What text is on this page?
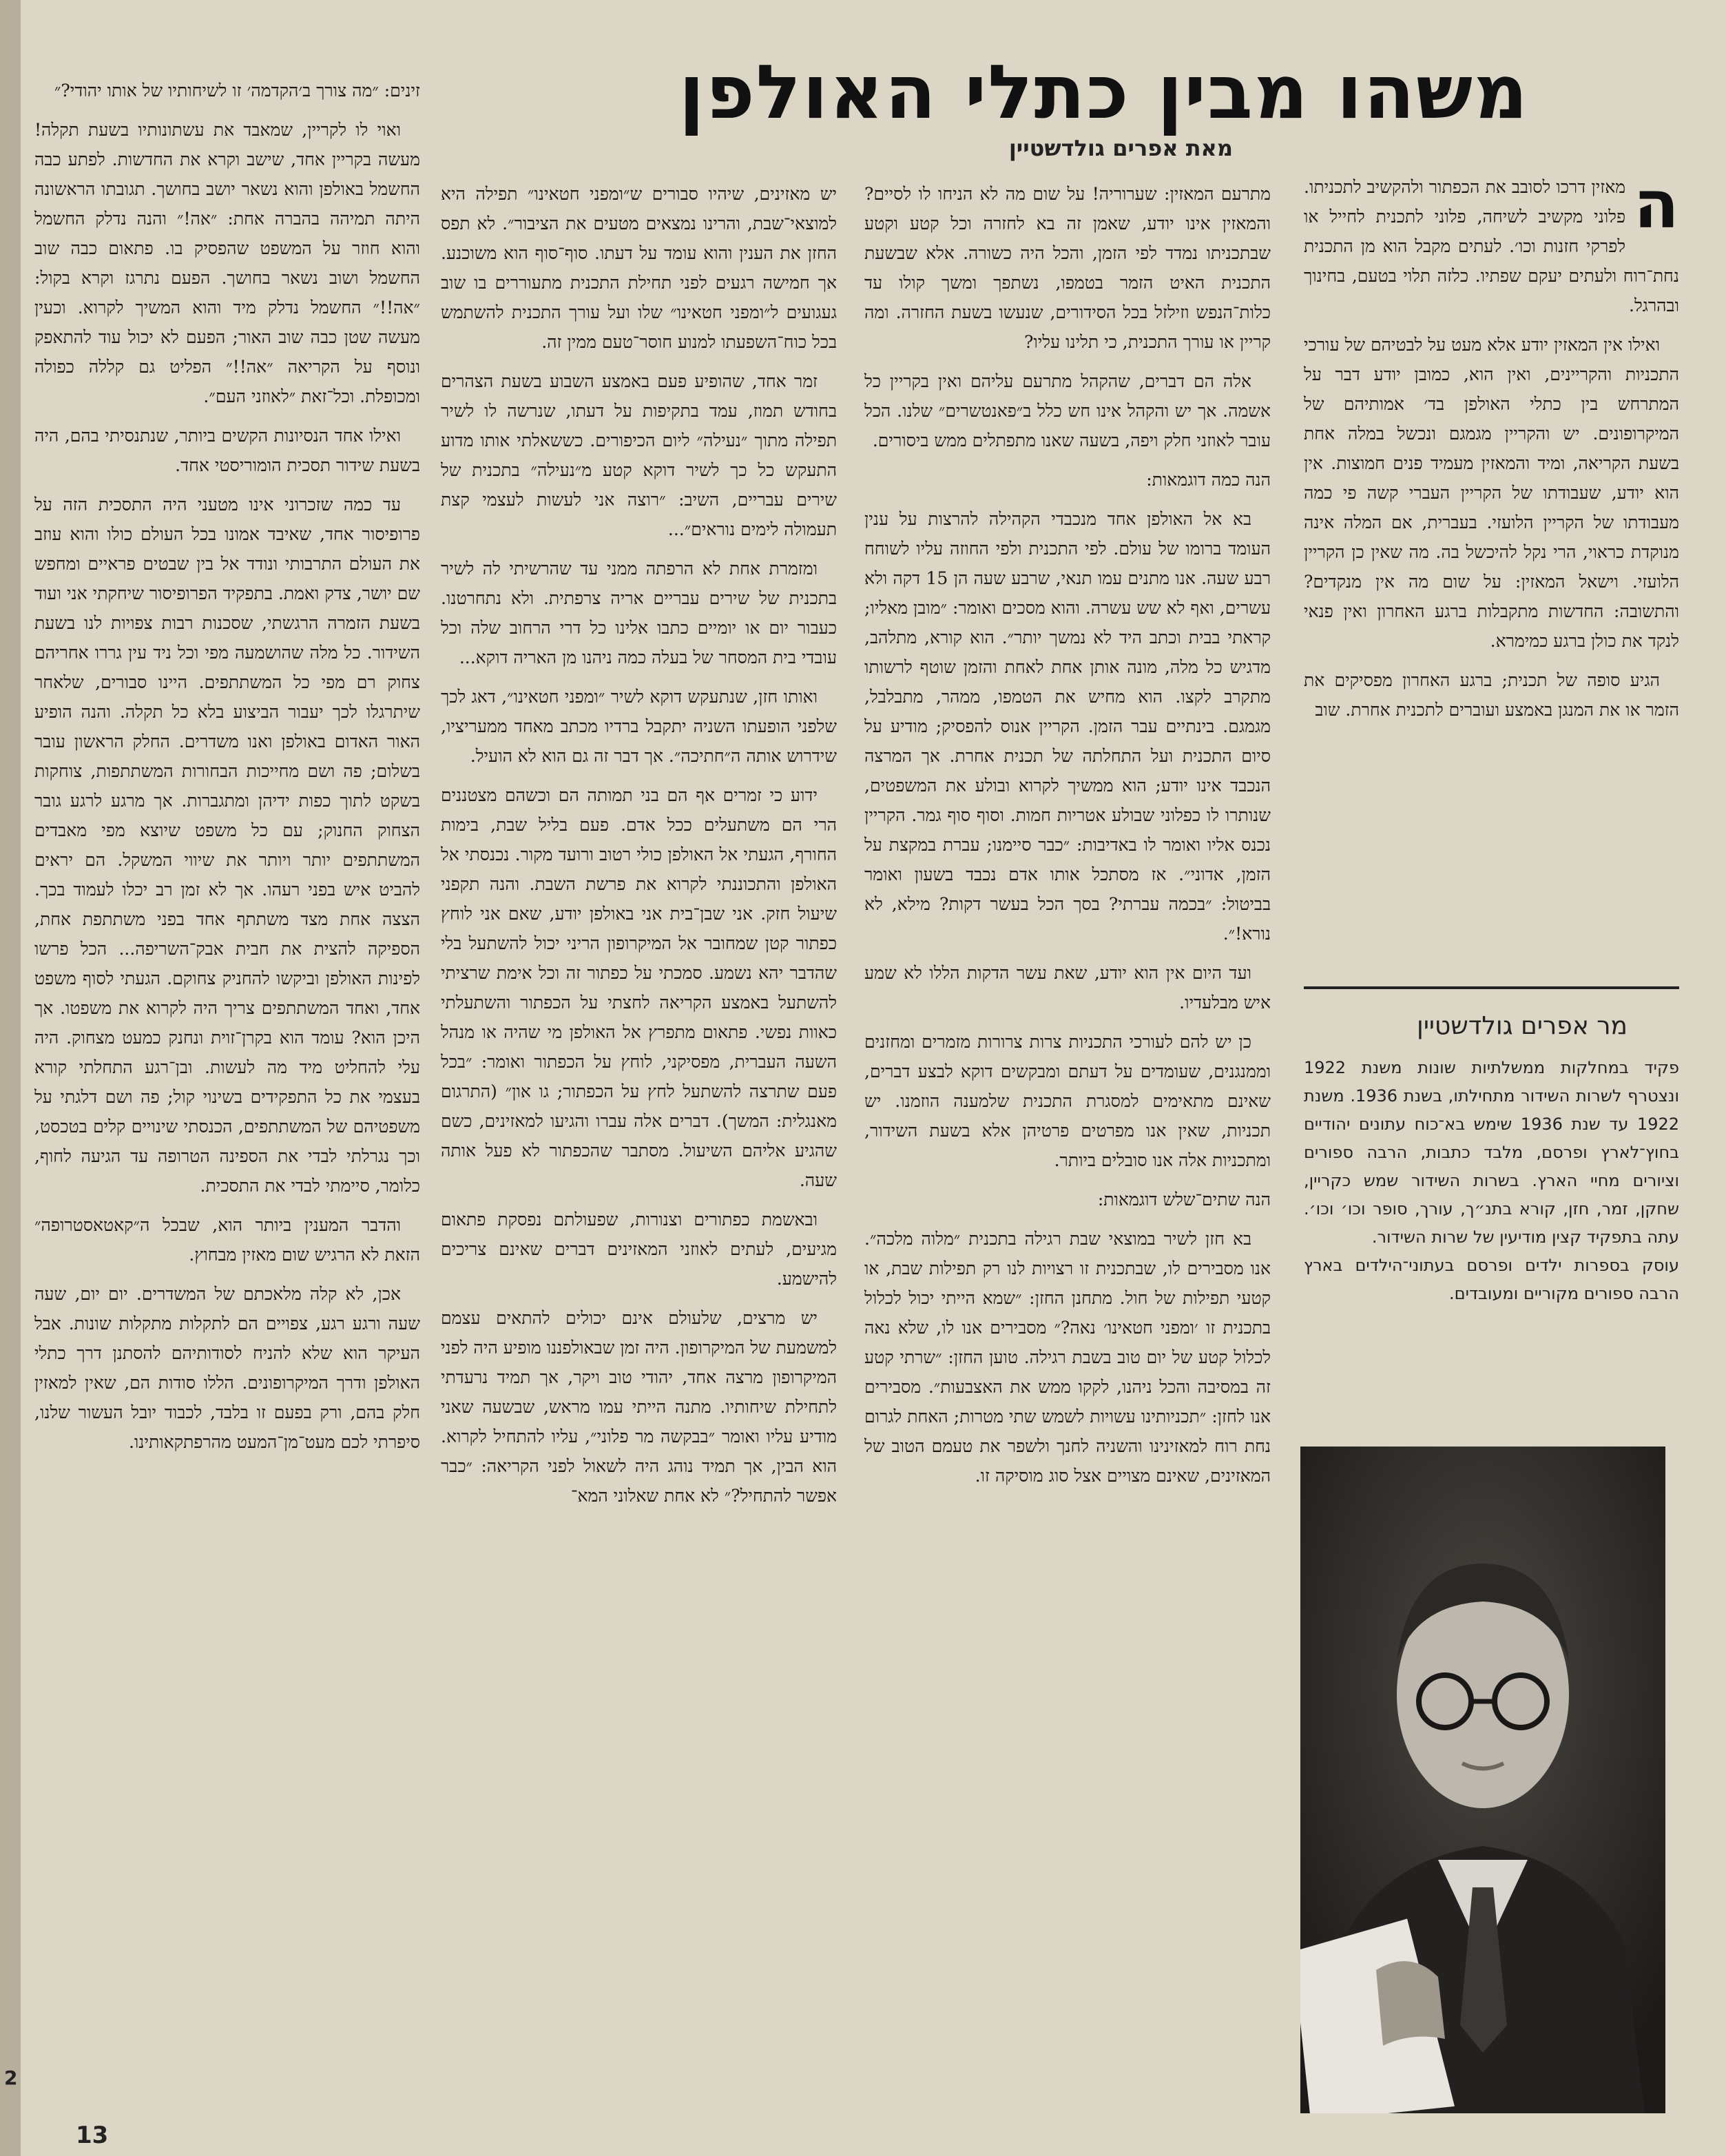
משהו מבין כתלי האולפן
מאת אפרים גולדשטיין
ה

מאזין דרכו לסובב את הכפתור ולהקשיב לתכניתו. פלוני מקשיב לשיחה, פלוני לתכנית לחייל או לפרקי חזנות וכו׳. לעתים מקבל הוא מן התכנית נחת־רוח ולעתים יעקם שפתיו. כלזה תלוי בטעם, בחינוך ובהרגל.

ואילו אין המאזין יודע אלא מעט על לבטיהם של עורכי התכניות והקריינים, ואין הוא, כמובן יודע דבר על המתרחש בין כתלי האולפן בד׳ אמותיהם של המיקרופונים. יש והקריין מגמגם ונכשל במלה אחת בשעת הקריאה, ומיד והמאזין מעמיד פנים חמוצות. אין הוא יודע, שעבודתו של הקריין העברי קשה פי כמה מעבודתו של הקריין הלועזי. בעברית, אם המלה אינה מנוקדת כראוי, הרי נקל להיכשל בה. מה שאין כן הקריין הלועזי. וישאל המאזין: על שום מה אין מנקדים? והתשובה: החדשות מתקבלות ברגע האחרון ואין פנאי לנקד את כולן ברגע כמימרא.

הגיע סופה של תכנית; ברגע האחרון מפסיקים את הזמר או את המנגן באמצע ועוברים לתכנית אחרת. שוב

מר אפרים גולדשטיין

פקיד במחלקות ממשלתיות שונות משנת 1922 ונצטרף לשרות השידור מתחילתו, בשנת 1936. משנת 1922 עד שנת 1936 שימש בא־כוח עתונים יהודיים בחוץ־לארץ ופרסם, מלבד כתבות, הרבה ספורים וציורים מחיי הארץ. בשרות השידור שמש כקריין, שחקן, זמר, חזן, קורא בתנ״ך, עורך, סופר וכו׳ וכו׳. עתה בתפקיד קצין מודיעין של שרות השידור.

עוסק בספרות ילדים ופרסם בעתוני־הילדים בארץ הרבה ספורים מקוריים ומעובדים.

מתרעם המאזין: שערוריה! על שום מה לא הניחו לו לסיים? והמאזין אינו יודע, שאמן זה בא לחזרה וכל קטע וקטע שבתכניתו נמדד לפי הזמן, והכל היה כשורה. אלא שבשעת התכנית האיט הזמר בטמפו, נשתפך ומשך קולו עד כלות־הנפש וזילזל בכל הסידורים, שנעשו בשעת החזרה. ומה קריין או עורך התכנית, כי תלינו עליו?

אלה הם דברים, שהקהל מתרעם עליהם ואין בקריין כל אשמה. אך יש והקהל אינו חש כלל ב״פאנטשרים״ שלנו. הכל עובר לאוזני חלק ויפה, בשעה שאנו מתפתלים ממש ביסורים.

הנה כמה דוגמאות:

בא אל האולפן אחד מנכבדי הקהילה להרצות על ענין העומד ברומו של עולם. לפי התכנית ולפי החוזה עליו לשוחח רבע שעה. אנו מתנים עמו תנאי, שרבע שעה הן 15 דקה ולא עשרים, ואף לא שש עשרה. והוא מסכים ואומר: ״מובן מאליו; קראתי בבית וכתב היד לא נמשך יותר״. הוא קורא, מתלהב, מדגיש כל מלה, מונה אותן אחת לאחת והזמן שוטף לרשותו מתקרב לקצו. הוא מחיש את הטמפו, ממהר, מתבלבל, מגמגם. בינתיים עבר הזמן. הקריין אנוס להפסיק; מודיע על סיום התכנית ועל התחלתה של תכנית אחרת. אך המרצה הנכבד אינו יודע; הוא ממשיך לקרוא ובולע את המשפטים, שנותרו לו כפלוני שבולע אטריות חמות. וסוף סוף גמר. הקריין נכנס אליו ואומר לו באדיבות: ״כבר סיימנו; עברת במקצת על הזמן, אדוני״. אז מסתכל אותו אדם נכבד בשעון ואומר בביטול: ״בכמה עברתי? בסך הכל בעשר דקות? מילא, לא נורא!״.

ועד היום אין הוא יודע, שאת עשר הדקות הללו לא שמע איש מבלעדיו.

כן יש להם לעורכי התכניות צרות צרורות מזמרים ומחזנים וממנגנים, שעומדים על דעתם ומבקשים דוקא לבצע דברים, שאינם מתאימים למסגרת התכנית שלמענה הוזמנו. יש תכניות, שאין אנו מפרטים פרטיהן אלא בשעת השידור, ומתכניות אלה אנו סובלים ביותר.

הנה שתים־שלש דוגמאות:

בא חזן לשיר במוצאי שבת רגילה בתכנית ״מלוה מלכה״. אנו מסבירים לו, שבתכנית זו רצויות לנו רק תפילות שבת, או קטעי תפילות של חול. מתחנן החזן: ״שמא הייתי יכול לכלול בתכנית זו ׳ומפני חטאינו׳ נאה?״ מסבירים אנו לו, שלא נאה לכלול קטע של יום טוב בשבת רגילה. טוען החזן: ״שרתי קטע זה במסיבה והכל ניהנו, לקקו ממש את האצבעות״. מסבירים אנו לחזן: ״תכניותינו עשויות לשמש שתי מטרות; האחת לגרום נחת רוח למאזינינו והשניה לחנך ולשפר את טעמם הטוב של המאזינים, שאינם מצויים אצל סוג מוסיקה זו.

יש מאזינים, שיהיו סבורים ש״ומפני חטאינו״ תפילה היא למוצאי־שבת, והרינו נמצאים מטעים את הציבור״. לא תפס החזן את הענין והוא עומד על דעתו. סוף־סוף הוא משוכנע. אך חמישה רגעים לפני תחילת התכנית מתעוררים בו שוב געגועים ל״ומפני חטאינו״ שלו ועל עורך התכנית להשתמש בכל כוח־השפעתו למנוע חוסר־טעם ממין זה.

זמר אחד, שהופיע פעם באמצע השבוע בשעת הצהרים בחודש תמוז, עמד בתקיפות על דעתו, שנרשה לו לשיר תפילה מתוך ״נעילה״ ליום הכיפורים. כששאלתי אותו מדוע התעקש כל כך לשיר דוקא קטע מ״נעילה״ בתכנית של שירים עבריים, השיב: ״רוצה אני לעשות לעצמי קצת תעמולה לימים נוראים״...

ומזמרת אחת לא הרפתה ממני עד שהרשיתי לה לשיר בתכנית של שירים עבריים אריה צרפתית. ולא נתחרטנו. כעבור יום או יומיים כתבו אלינו כל דרי הרחוב שלה וכל עובדי בית המסחר של בעלה כמה ניהנו מן האריה דוקא...

ואותו חזן, שנתעקש דוקא לשיר ״ומפני חטאינו״, דאג לכך שלפני הופעתו השניה יתקבל ברדיו מכתב מאחד ממעריציו, שידרוש אותה ה״חתיכה״. אך דבר זה גם הוא לא הועיל.

ידוע כי זמרים אף הם בני תמותה הם וכשהם מצטננים הרי הם משתעלים ככל אדם. פעם בליל שבת, בימות החורף, הגעתי אל האולפן כולי רטוב ורועד מקור. נכנסתי אל האולפן והתכוננתי לקרוא את פרשת השבת. והנה תקפני שיעול חזק. אני שבן־בית אני באולפן יודע, שאם אני לוחץ כפתור קטן שמחובר אל המיקרופון הריני יכול להשתעל בלי שהדבר יהא נשמע. סמכתי על כפתור זה וכל אימת שרציתי להשתעל באמצע הקריאה לחצתי על הכפתור והשתעלתי כאוות נפשי. פתאום מתפרץ אל האולפן מי שהיה או מנהל השעה העברית, מפסיקני, לוחץ על הכפתור ואומר: ״בכל פעם שתרצה להשתעל לחץ על הכפתור; גו און״ (התרגום מאנגלית: המשך). דברים אלה עברו והגיעו למאזינים, כשם שהגיע אליהם השיעול. מסתבר שהכפתור לא פעל אותה שעה.

ובאשמת כפתורים וצנורות, שפעולתם נפסקת פתאום מגיעים, לעתים לאוזני המאזינים דברים שאינם צריכים להישמע.

יש מרצים, שלעולם אינם יכולים להתאים עצמם למשמעת של המיקרופון. היה זמן שבאולפננו מופיע היה לפני המיקרופון מרצה אחד, יהודי טוב ויקר, אך תמיד נרעדתי לתחילת שיחותיו. מתנה הייתי עמו מראש, שבשעה שאני מודיע עליו ואומר ״בבקשה מר פלוני״, עליו להתחיל לקרוא. הוא הבין, אך תמיד נוהג היה לשאול לפני הקריאה: ״כבר אפשר להתחיל?״ לא אחת שאלוני המא־

זינים: ״מה צורך ב׳הקדמה׳ זו לשיחותיו של אותו יהודי?״

ואוי לו לקריין, שמאבד את עשתונותיו בשעת תקלה! מעשה בקריין אחד, שישב וקרא את החדשות. לפתע כבה החשמל באולפן והוא נשאר יושב בחושך. תגובתו הראשונה היתה תמיהה בהברה אחת: ״אה!״ והנה נדלק החשמל והוא חוזר על המשפט שהפסיק בו. פתאום כבה שוב החשמל ושוב נשאר בחושך. הפעם נתרגז וקרא בקול: ״אה!!״ החשמל נדלק מיד והוא המשיך לקרוא. וכעין מעשה שטן כבה שוב האור; הפעם לא יכול עוד להתאפק ונוסף על הקריאה ״אה!!״ הפליט גם קללה כפולה ומכופלת. וכל־זאת ״לאוזני העם״.

ואילו אחד הנסיונות הקשים ביותר, שנתנסיתי בהם, היה בשעת שידור תסכית הומוריסטי אחד.

עד כמה שזכרוני אינו מטעני היה התסכית הזה על פרופיסור אחד, שאיבד אמונו בכל העולם כולו והוא עוזב את העולם התרבותי ונודד אל בין שבטים פראיים ומחפש שם יושר, צדק ואמת. בתפקיד הפרופיסור שיחקתי אני ועוד בשעת הזמרה הרגשתי, שסכנות רבות צפויות לנו בשעת השידור. כל מלה שהושמעה מפי וכל ניד עין גררו אחריהם צחוק רם מפי כל המשתתפים. היינו סבורים, שלאחר שיתרגלו לכך יעבור הביצוע בלא כל תקלה. והנה הופיע האור האדום באולפן ואנו משדרים. החלק הראשון עובר בשלום; פה ושם מחייכות הבחורות המשתתפות, צוחקות בשקט לתוך כפות ידיהן ומתגברות. אך מרגע לרגע גובר הצחוק החנוק; עם כל משפט שיוצא מפי מאבדים המשתתפים יותר ויותר את שיווי המשקל. הם יראים להביט איש בפני רעהו. אך לא זמן רב יכלו לעמוד בכך. הצצה אחת מצד משתתף אחד בפני משתתפת אחת, הספיקה להצית את חבית אבק־השריפה... הכל פרשו לפינות האולפן וביקשו להחניק צחוקם. הגעתי לסוף משפט אחד, ואחד המשתתפים צריך היה לקרוא את משפטו. אך היכן הוא? עומד הוא בקרן־זוית ונחנק כמעט מצחוק. היה עלי להחליט מיד מה לעשות. ובן־רגע התחלתי קורא בעצמי את כל התפקידים בשינוי קול; פה ושם דלגתי על משפטיהם של המשתתפים, הכנסתי שינויים קלים בטכסט, וכך נגרלתי לבדי את הספינה הטרופה עד הגיעה לחוף, כלומר, סיימתי לבדי את התסכית.

והדבר המענין ביותר הוא, שבכל ה״קאטאסטרופה״ הזאת לא הרגיש שום מאזין מבחוץ.

אכן, לא קלה מלאכתם של המשדרים. יום יום, שעה שעה ורגע רגע, צפויים הם לתקלות מתקלות שונות. אבל העיקר הוא שלא להניח לסודותיהם להסתנן דרך כתלי האולפן ודרך המיקרופונים. הללו סודות הם, שאין למאזין חלק בהם, ורק בפעם זו בלבד, לכבוד יובל העשור שלנו, סיפרתי לכם מעט־מן־המעט מהרפתקאותינו.

2
13
